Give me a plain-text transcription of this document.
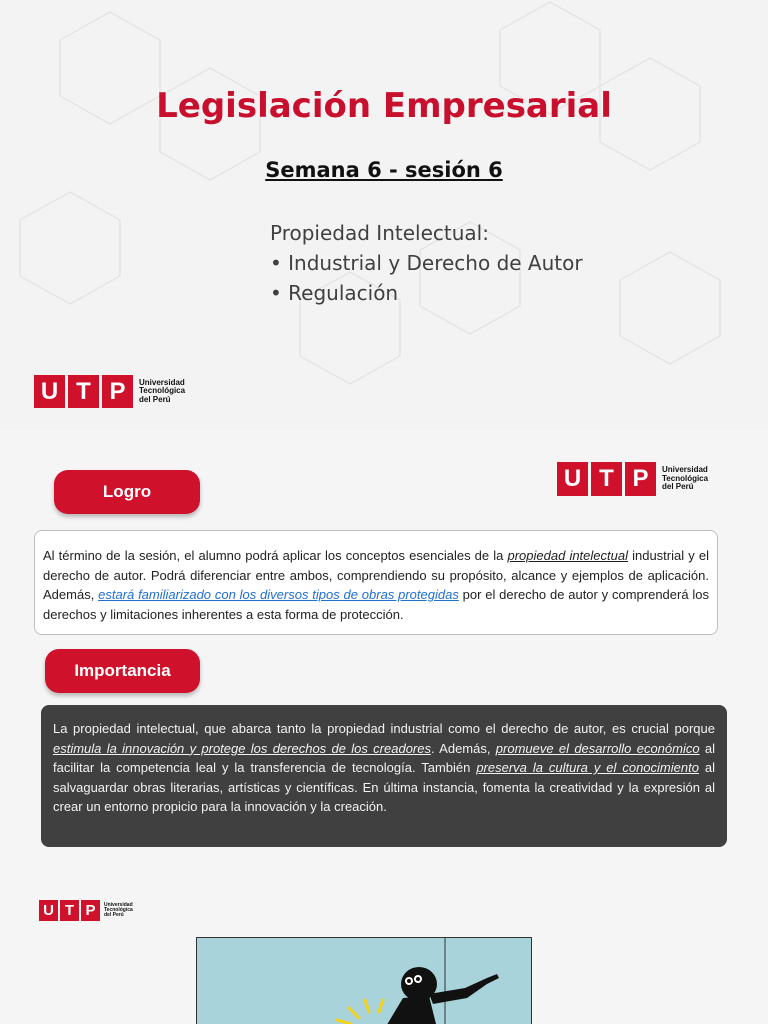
Legislación Empresarial
Semana 6 - sesión 6
Propiedad Intelectual:
• Industrial y Derecho de Autor
• Regulación
U T P	Universidad
Tecnológica
del Perú
Logro	U T P	Universidad
Tecnológica
del Perú
Al término de la sesión, el alumno podrá aplicar los conceptos esenciales de la propiedad intelectual industrial y el derecho de autor. Podrá diferenciar entre ambos, comprendiendo su propósito, alcance y ejemplos de aplicación. Además, estará familiarizado con los diversos tipos de obras protegidas por el derecho de autor y comprenderá los derechos y limitaciones inherentes a esta forma de protección.
Importancia
La propiedad intelectual, que abarca tanto la propiedad industrial como el derecho de autor, es crucial porque estimula la innovación y protege los derechos de los creadores. Además, promueve el desarrollo económico al facilitar la competencia leal y la transferencia de tecnología. También preserva la cultura y el conocimiento al salvaguardar obras literarias, artísticas y científicas. En última instancia, fomenta la creatividad y la expresión al crear un entorno propicio para la innovación y la creación.
U T P	Universidad
Tecnológica
del Perú
